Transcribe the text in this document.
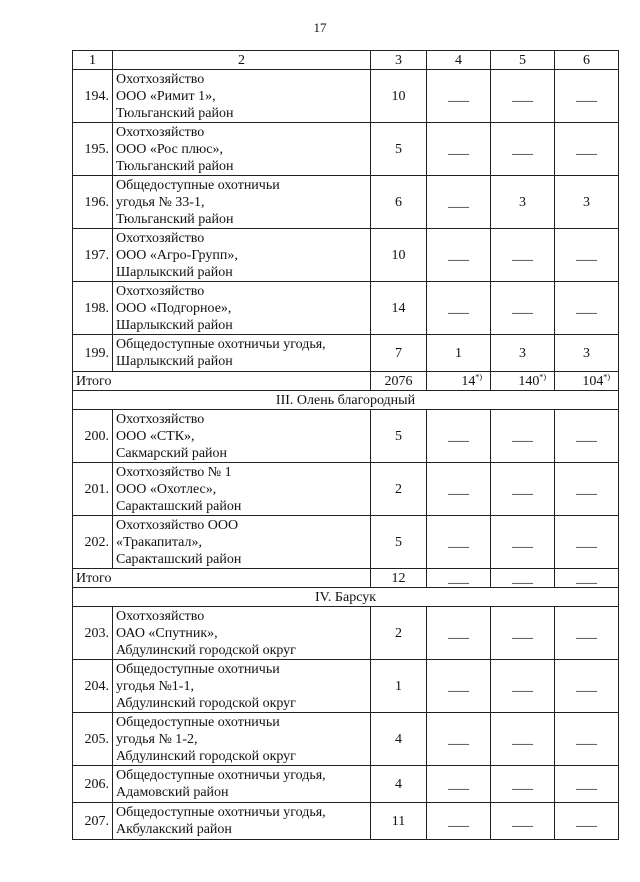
17
1	2	3	4	5	6
194.	Охотхозяйство
ООО «Римит 1»,
Тюльганский район	10	___	___	___
195.	Охотхозяйство
ООО «Рос плюс»,
Тюльганский район	5	___	___	___
196.	Общедоступные охотничьи
угодья № 33-1,
Тюльганский район	6	___	3	3
197.	Охотхозяйство
ООО «Агро-Групп»,
Шарлыкский район	10	___	___	___
198.	Охотхозяйство
ООО «Подгорное»,
Шарлыкский район	14	___	___	___
199.	Общедоступные охотничьи угодья,
Шарлыкский район	7	1	3	3
Итого		2076	14*)	140*)	104*)
III. Олень благородный					
200.	Охотхозяйство
ООО «СТК»,
Сакмарский район	5	___	___	___
201.	Охотхозяйство № 1
ООО «Охотлес»,
Саракташский район	2	___	___	___
202.	Охотхозяйство ООО
«Тракапитал»,
Саракташский район	5	___	___	___
Итого		12	___	___	___
IV. Барсук					
203.	Охотхозяйство
ОАО «Спутник»,
Абдулинский городской округ	2	___	___	___
204.	Общедоступные охотничьи
угодья №1-1,
Абдулинский городской округ	1	___	___	___
205.	Общедоступные охотничьи
угодья № 1-2,
Абдулинский городской округ	4	___	___	___
206.	Общедоступные охотничьи угодья,
Адамовский район	4	___	___	___
207.	Общедоступные охотничьи угодья,
Акбулакский район	11	___	___	___
